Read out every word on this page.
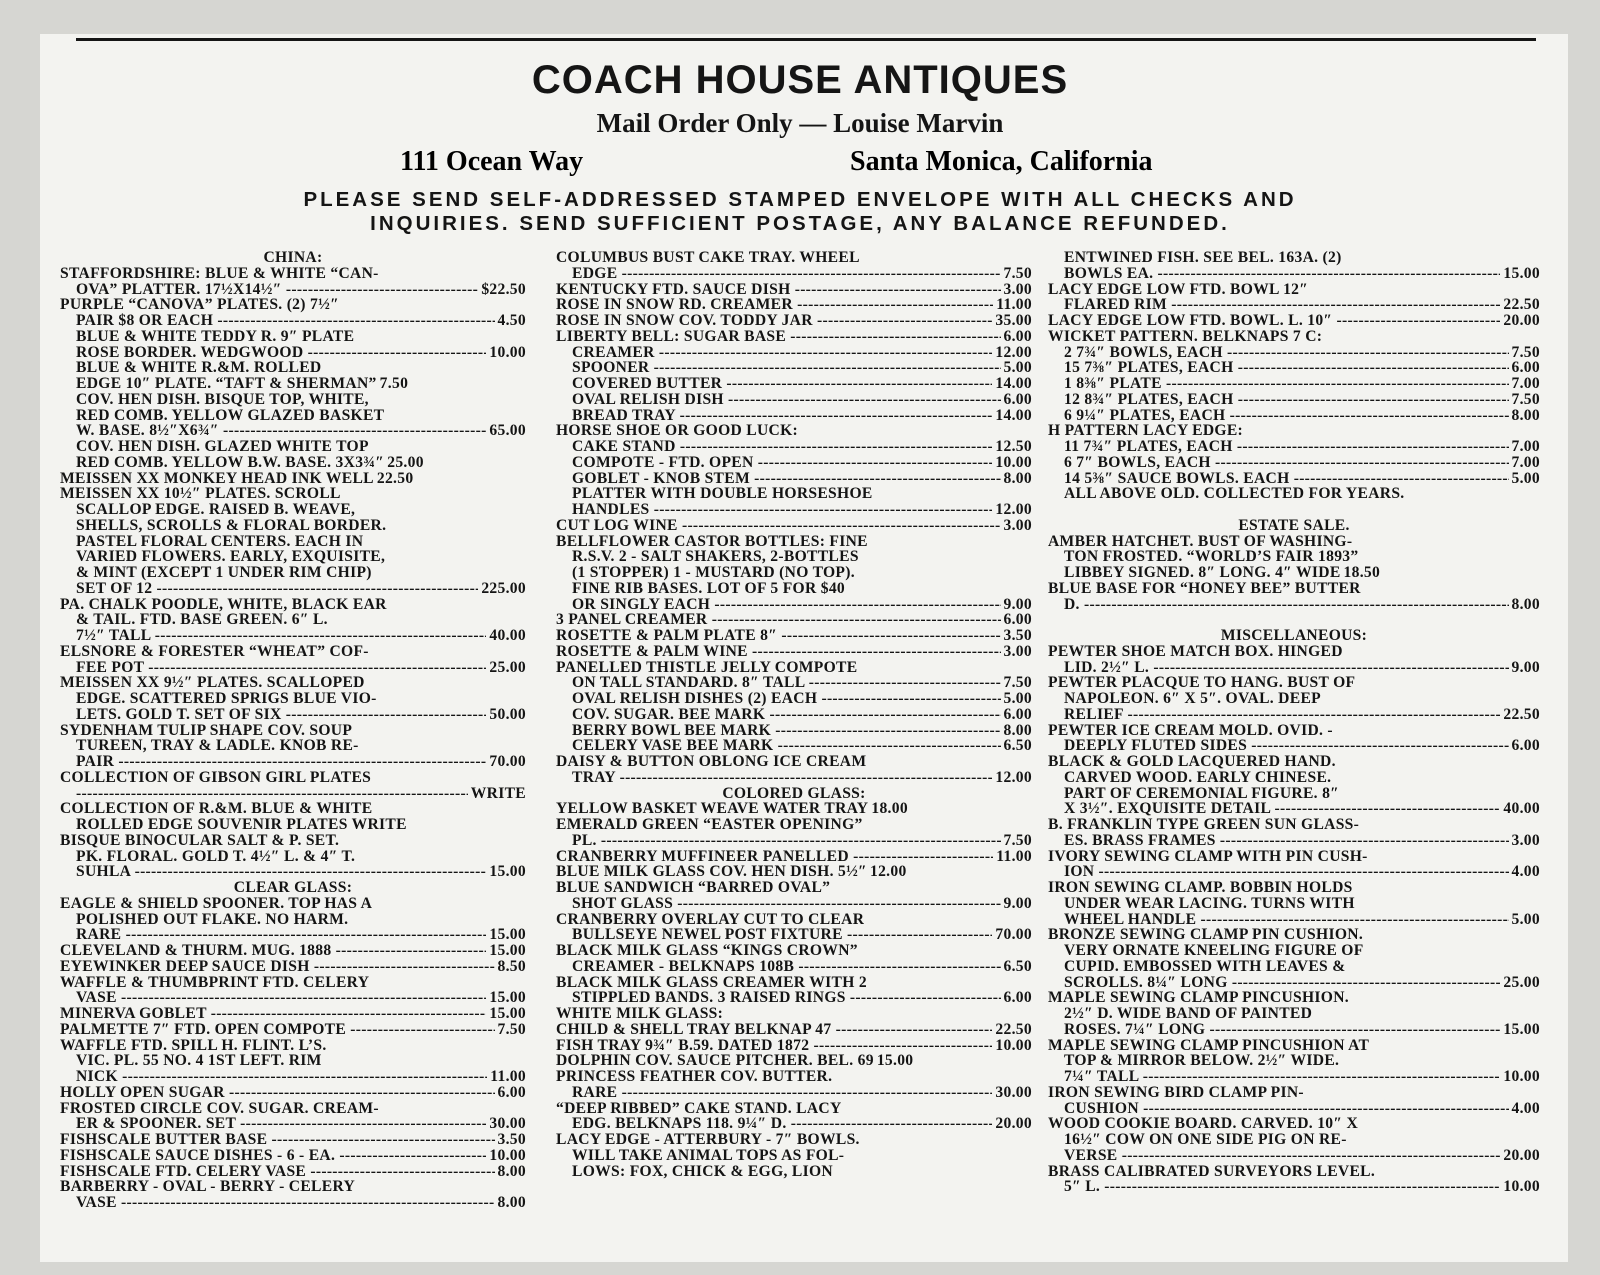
COACH HOUSE ANTIQUES
Mail Order Only — Louise Marvin
111 Ocean Way	Santa Monica, California
PLEASE SEND SELF-ADDRESSED STAMPED ENVELOPE WITH ALL CHECKS AND
INQUIRIES. SEND SUFFICIENT POSTAGE, ANY BALANCE REFUNDED.
CHINA:
STAFFORDSHIRE: BLUE & WHITE “CAN-
OVA” PLATTER. 17½X14½″ -----	$22.50
PURPLE “CANOVA” PLATES. (2) 7½″
PAIR $8 OR EACH -----	4.50
BLUE & WHITE TEDDY R. 9″ PLATE
ROSE BORDER. WEDGWOOD -----	10.00
BLUE & WHITE R.&M. ROLLED
EDGE 10″ PLATE. “TAFT & SHERMAN” 7.50
COV. HEN DISH. BISQUE TOP, WHITE,
RED COMB. YELLOW GLAZED BASKET
W. BASE. 8½″X6¾″ -----	65.00
COV. HEN DISH. GLAZED WHITE TOP
RED COMB. YELLOW B.W. BASE. 3X3¾″ 25.00
MEISSEN XX MONKEY HEAD INK WELL 22.50
MEISSEN XX 10½″ PLATES. SCROLL
SCALLOP EDGE. RAISED B. WEAVE,
SHELLS, SCROLLS & FLORAL BORDER.
PASTEL FLORAL CENTERS. EACH IN
VARIED FLOWERS. EARLY, EXQUISITE,
& MINT (EXCEPT 1 UNDER RIM CHIP)
SET OF 12 -----	225.00
PA. CHALK POODLE, WHITE, BLACK EAR
& TAIL. FTD. BASE GREEN. 6″ L.
7½″ TALL -----	40.00
ELSNORE & FORESTER “WHEAT” COF-
FEE POT -----	25.00
MEISSEN XX 9½″ PLATES. SCALLOPED
EDGE. SCATTERED SPRIGS BLUE VIO-
LETS. GOLD T. SET OF SIX -----	50.00
SYDENHAM TULIP SHAPE COV. SOUP
TUREEN, TRAY & LADLE. KNOB RE-
PAIR -----	70.00
COLLECTION OF GIBSON GIRL PLATES
-----
WRITE
COLLECTION OF R.&M. BLUE & WHITE
ROLLED EDGE SOUVENIR PLATES WRITE
BISQUE BINOCULAR SALT & P. SET.
PK. FLORAL. GOLD T. 4½″ L. & 4″ T.
SUHLA -----	15.00
CLEAR GLASS:
EAGLE & SHIELD SPOONER. TOP HAS A
POLISHED OUT FLAKE. NO HARM.
RARE -----	15.00
CLEVELAND & THURM. MUG. 1888 -----	15.00
EYEWINKER DEEP SAUCE DISH -----	8.50
WAFFLE & THUMBPRINT FTD. CELERY
VASE -----	15.00
MINERVA GOBLET -----	15.00
PALMETTE 7″ FTD. OPEN COMPOTE -----	7.50
WAFFLE FTD. SPILL H. FLINT. L’S.
VIC. PL. 55 NO. 4 1ST LEFT. RIM
NICK -----	11.00
HOLLY OPEN SUGAR -----	6.00
FROSTED CIRCLE COV. SUGAR. CREAM-
ER & SPOONER. SET -----	30.00
FISHSCALE BUTTER BASE -----	3.50
FISHSCALE SAUCE DISHES - 6 - EA. -----	10.00
FISHSCALE FTD. CELERY VASE -----	8.00
BARBERRY - OVAL - BERRY - CELERY
VASE -----	8.00
COLUMBUS BUST CAKE TRAY. WHEEL
EDGE -----	7.50
KENTUCKY FTD. SAUCE DISH -----	3.00
ROSE IN SNOW RD. CREAMER -----	11.00
ROSE IN SNOW COV. TODDY JAR -----	35.00
LIBERTY BELL: SUGAR BASE -----	6.00
CREAMER -----	12.00
SPOONER -----	5.00
COVERED BUTTER -----	14.00
OVAL RELISH DISH -----	6.00
BREAD TRAY -----	14.00
HORSE SHOE OR GOOD LUCK:
CAKE STAND -----	12.50
COMPOTE - FTD. OPEN -----	10.00
GOBLET - KNOB STEM -----	8.00
PLATTER WITH DOUBLE HORSESHOE
HANDLES -----	12.00
CUT LOG WINE -----	3.00
BELLFLOWER CASTOR BOTTLES: FINE
R.S.V. 2 - SALT SHAKERS, 2-BOTTLES
(1 STOPPER) 1 - MUSTARD (NO TOP).
FINE RIB BASES. LOT OF 5 FOR $40
OR SINGLY EACH -----	9.00
3 PANEL CREAMER -----	6.00
ROSETTE & PALM PLATE 8″ -----	3.50
ROSETTE & PALM WINE -----	3.00
PANELLED THISTLE JELLY COMPOTE
ON TALL STANDARD. 8″ TALL -----	7.50
OVAL RELISH DISHES (2) EACH -----	5.00
COV. SUGAR. BEE MARK -----	6.00
BERRY BOWL BEE MARK -----	8.00
CELERY VASE BEE MARK -----	6.50
DAISY & BUTTON OBLONG ICE CREAM
TRAY -----	12.00
COLORED GLASS:
YELLOW BASKET WEAVE WATER TRAY 18.00
EMERALD GREEN “EASTER OPENING”
PL. -----	7.50
CRANBERRY MUFFINEER PANELLED -----	11.00
BLUE MILK GLASS COV. HEN DISH. 5½″ 12.00
BLUE SANDWICH “BARRED OVAL”
SHOT GLASS -----	9.00
CRANBERRY OVERLAY CUT TO CLEAR
BULLSEYE NEWEL POST FIXTURE -----	70.00
BLACK MILK GLASS “KINGS CROWN”
CREAMER - BELKNAPS 108B -----	6.50
BLACK MILK GLASS CREAMER WITH 2
STIPPLED BANDS. 3 RAISED RINGS -----	6.00
WHITE MILK GLASS:
CHILD & SHELL TRAY BELKNAP 47 -----	22.50
FISH TRAY 9¾″ B.59. DATED 1872 -----	10.00
DOLPHIN COV. SAUCE PITCHER. BEL. 69 15.00
PRINCESS FEATHER COV. BUTTER.
RARE -----	30.00
“DEEP RIBBED” CAKE STAND. LACY
EDG. BELKNAPS 118. 9¼″ D. -----	20.00
LACY EDGE - ATTERBURY - 7″ BOWLS.
WILL TAKE ANIMAL TOPS AS FOL-
LOWS: FOX, CHICK & EGG, LION
ENTWINED FISH. SEE BEL. 163A. (2)
BOWLS EA. -----	15.00
LACY EDGE LOW FTD. BOWL 12″
FLARED RIM -----	22.50
LACY EDGE LOW FTD. BOWL. L. 10″ -----	20.00
WICKET PATTERN. BELKNAPS 7 C:
2 7¾″ BOWLS, EACH -----	7.50
15 7⅜″ PLATES, EACH -----	6.00
1 8⅜″ PLATE -----	7.00
12 8¾″ PLATES, EACH -----	7.50
6 9¼″ PLATES, EACH -----	8.00
H PATTERN LACY EDGE:
11 7¾″ PLATES, EACH -----	7.00
6 7″ BOWLS, EACH -----	7.00
14 5⅜″ SAUCE BOWLS. EACH -----	5.00
ALL ABOVE OLD. COLLECTED FOR YEARS.
ESTATE SALE.
AMBER HATCHET. BUST OF WASHING-
TON FROSTED. “WORLD’S FAIR 1893”
LIBBEY SIGNED. 8″ LONG. 4″ WIDE 18.50
BLUE BASE FOR “HONEY BEE” BUTTER
D. -----	8.00
MISCELLANEOUS:
PEWTER SHOE MATCH BOX. HINGED
LID. 2½″ L. -----	9.00
PEWTER PLACQUE TO HANG. BUST OF
NAPOLEON. 6″ X 5″. OVAL. DEEP
RELIEF -----	22.50
PEWTER ICE CREAM MOLD. OVID. -
DEEPLY FLUTED SIDES -----	6.00
BLACK & GOLD LACQUERED HAND.
CARVED WOOD. EARLY CHINESE.
PART OF CEREMONIAL FIGURE. 8″
X 3½″. EXQUISITE DETAIL -----	40.00
B. FRANKLIN TYPE GREEN SUN GLASS-
ES. BRASS FRAMES -----	3.00
IVORY SEWING CLAMP WITH PIN CUSH-
ION -----	4.00
IRON SEWING CLAMP. BOBBIN HOLDS
UNDER WEAR LACING. TURNS WITH
WHEEL HANDLE -----	5.00
BRONZE SEWING CLAMP PIN CUSHION.
VERY ORNATE KNEELING FIGURE OF
CUPID. EMBOSSED WITH LEAVES &
SCROLLS. 8¼″ LONG -----	25.00
MAPLE SEWING CLAMP PINCUSHION.
2½″ D. WIDE BAND OF PAINTED
ROSES. 7¼″ LONG -----	15.00
MAPLE SEWING CLAMP PINCUSHION AT
TOP & MIRROR BELOW. 2½″ WIDE.
7¼″ TALL -----	10.00
IRON SEWING BIRD CLAMP PIN-
CUSHION -----	4.00
WOOD COOKIE BOARD. CARVED. 10″ X
16½″ COW ON ONE SIDE PIG ON RE-
VERSE -----	20.00
BRASS CALIBRATED SURVEYORS LEVEL.
5″ L. -----	10.00
